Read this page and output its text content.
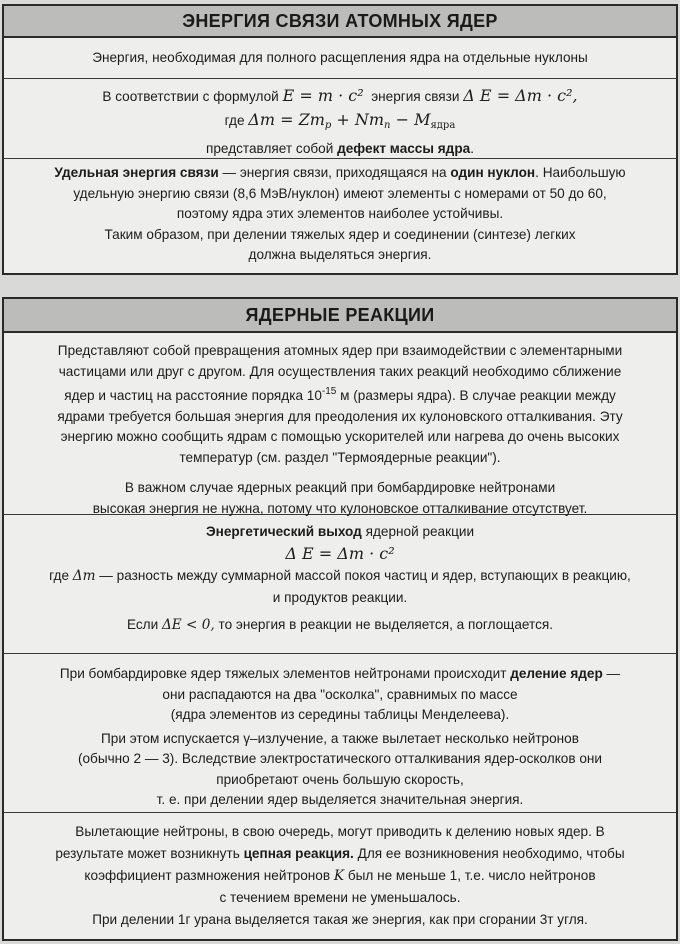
ЭНЕРГИЯ СВЯЗИ АТОМНЫХ ЯДЕР

Энергия, необходимая для полного расщепления ядра на отдельные нуклоны

В соответствии с формулой E = m · c² энергия связи Δ E = Δm · c²,

где $\Delta m = Zm_p + Nm_n - M_{ядра}$

представляет собой дефект массы ядра.

Удельная энергия связи — энергия связи, приходящаяся на один нуклон. Наибольшую

удельную энергию связи (8,6 МэВ/нуклон) имеют элементы с номерами от 50 до 60,

поэтому ядра этих элементов наиболее устойчивы.

Таким образом, при делении тяжелых ядер и соединении (синтезе) легких

должна выделяться энергия.

ЯДЕРНЫЕ РЕАКЦИИ

Представляют собой превращения атомных ядер при взаимодействии с элементарными

частицами или друг с другом. Для осуществления таких реакций необходимо сближение

ядер и частиц на расстояние порядка $10^{-15}$ м (размеры ядра). В случае реакции между

ядрами требуется большая энергия для преодоления их кулоновского отталкивания. Эту

энергию можно сообщить ядрам с помощью ускорителей или нагрева до очень высоких

температур (см. раздел "Термоядерные реакции").

В важном случае ядерных реакций при бомбардировке нейтронами

высокая энергия не нужна, потому что кулоновское отталкивание отсутствует.

Энергетический выход ядерной реакции

Δ E = Δm · c²

где Δm — разность между суммарной массой покоя частиц и ядер, вступающих в реакцию,

и продуктов реакции.

Если ΔE < 0, то энергия в реакции не выделяется, а поглощается.

При бомбардировке ядер тяжелых элементов нейтронами происходит деление ядер —

они распадаются на два "осколка", сравнимых по массе

(ядра элементов из середины таблицы Менделеева).

При этом испускается γ–излучение, а также вылетает несколько нейтронов

(обычно 2 — 3). Вследствие электростатического отталкивания ядер-осколков они

приобретают очень большую скорость,

т. е. при делении ядер выделяется значительная энергия.

Вылетающие нейтроны, в свою очередь, могут приводить к делению новых ядер. В

результате может возникнуть цепная реакция. Для ее возникновения необходимо, чтобы

коэффициент размножения нейтронов K был не меньше 1, т.е. число нейтронов

с течением времени не уменьшалось.

При делении 1г урана выделяется такая же энергия, как при сгорании 3т угля.
